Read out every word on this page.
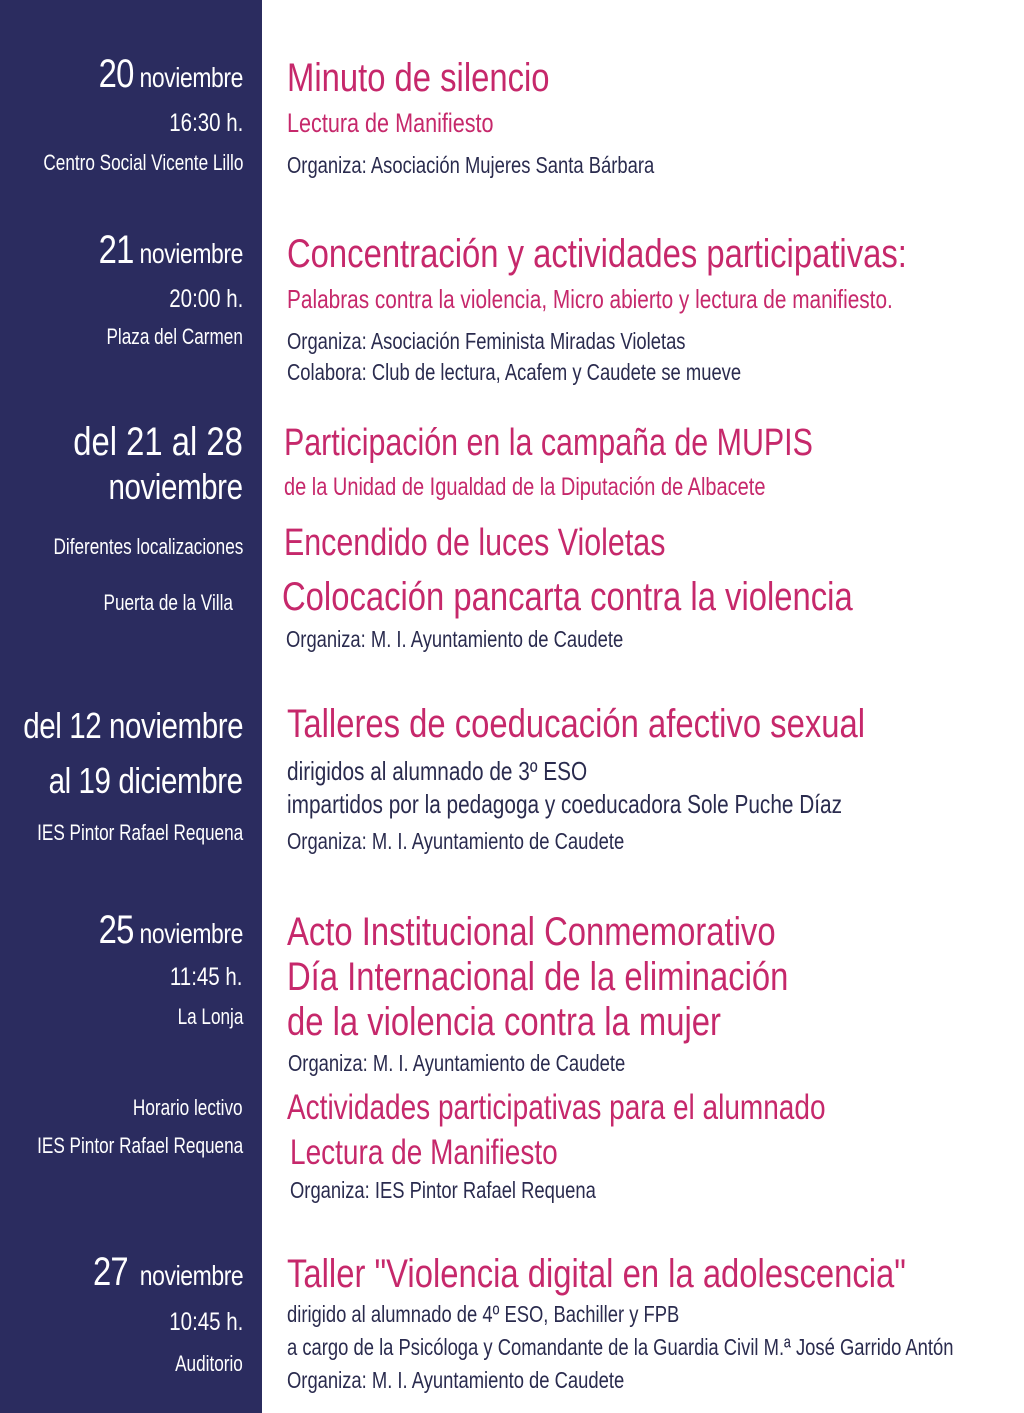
20 noviembre
16:30 h.
Centro Social Vicente Lillo
21 noviembre
20:00 h.
Plaza del Carmen
del 21 al 28
noviembre
Diferentes localizaciones
Puerta de la Villa
del 12 noviembre
al 19 diciembre
IES Pintor Rafael Requena
25 noviembre
11:45 h.
La Lonja
Horario lectivo
IES Pintor Rafael Requena
27 noviembre
10:45 h.
Auditorio
Minuto de silencio
Lectura de Manifiesto
Organiza: Asociación Mujeres Santa Bárbara
Concentración y actividades participativas:
Palabras contra la violencia, Micro abierto y lectura de manifiesto.
Organiza: Asociación Feminista Miradas Violetas
Colabora: Club de lectura, Acafem y Caudete se mueve
Participación en la campaña de MUPIS
de la Unidad de Igualdad de la Diputación de Albacete
Encendido de luces Violetas
Colocación pancarta contra la violencia
Organiza: M. I. Ayuntamiento de Caudete
Talleres de coeducación afectivo sexual
dirigidos al alumnado de 3º ESO
impartidos por la pedagoga y coeducadora Sole Puche Díaz
Organiza: M. I. Ayuntamiento de Caudete
Acto Institucional Conmemorativo
Día Internacional de la eliminación
de la violencia contra la mujer
Organiza: M. I. Ayuntamiento de Caudete
Actividades participativas para el alumnado
Lectura de Manifiesto
Organiza: IES Pintor Rafael Requena
Taller "Violencia digital en la adolescencia"
dirigido al alumnado de 4º ESO, Bachiller y FPB
a cargo de la Psicóloga y Comandante de la Guardia Civil M.ª José Garrido Antón
Organiza: M. I. Ayuntamiento de Caudete
